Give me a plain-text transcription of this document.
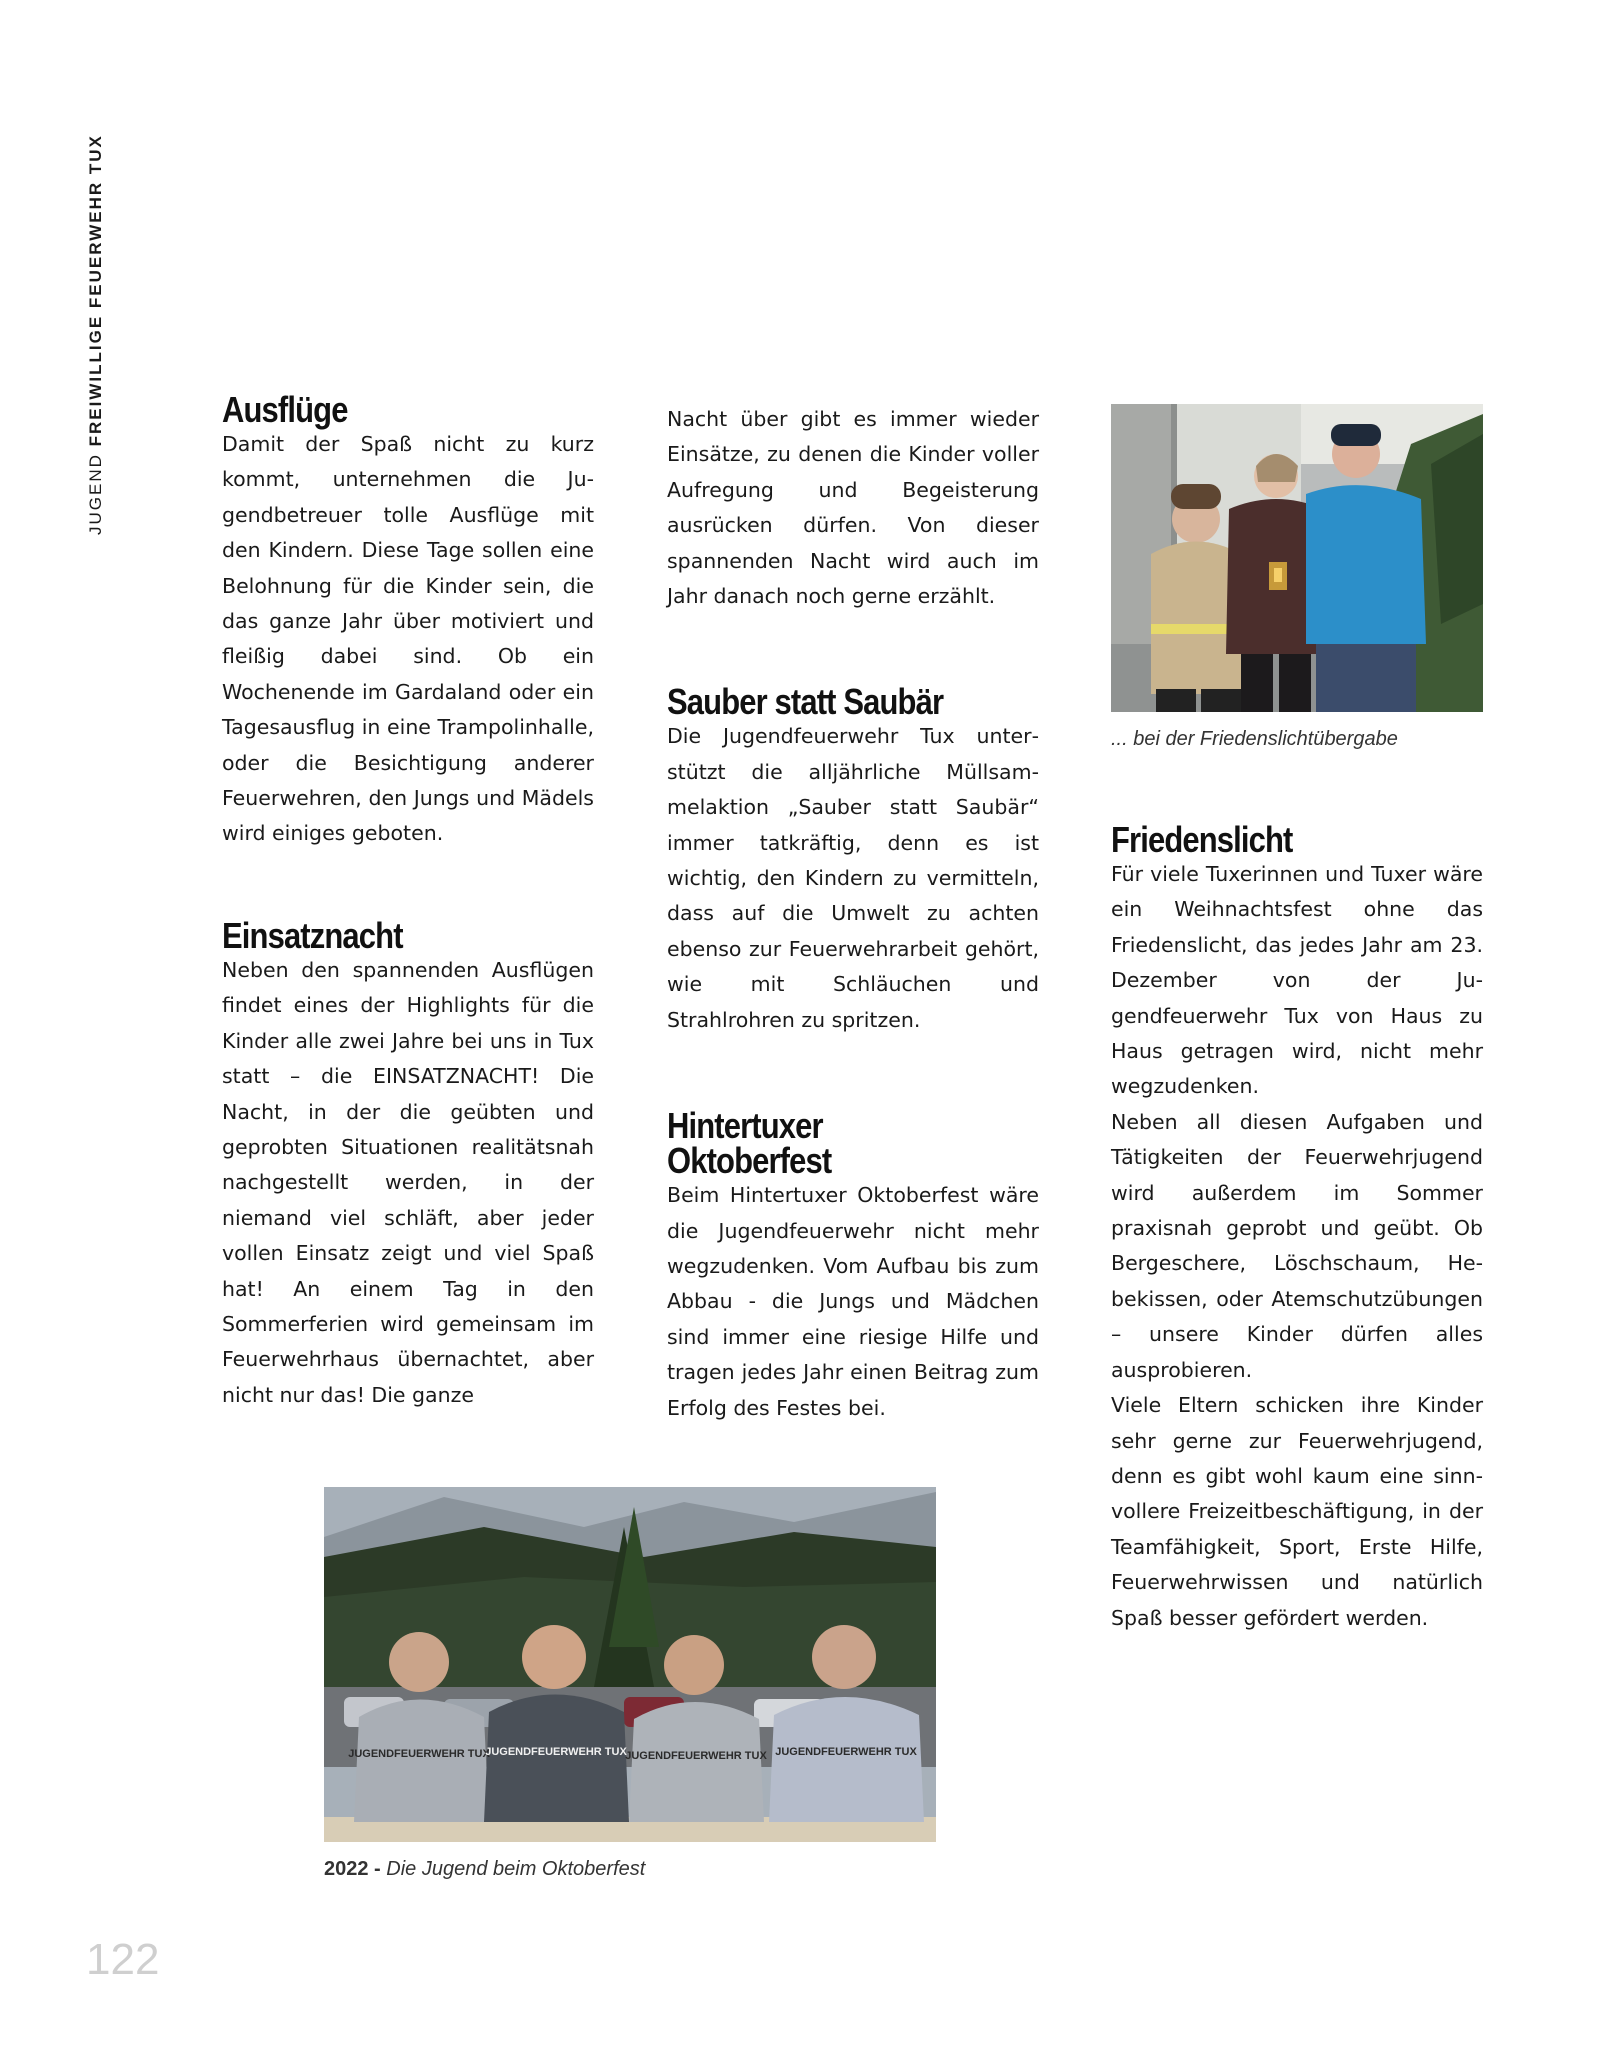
JUGEND FREIWILLIGE FEUERWEHR TUX	Ausflüge

Damit der Spaß nicht zu kurz kommt, unternehmen die Jugendbetreuer tolle Ausflüge mit den Kindern. Diese Tage sollen eine Belohnung für die Kinder sein, die das ganze Jahr über motiviert und fleißig dabei sind. Ob ein Wochenende im Gardaland oder ein Tagesausflug in eine Trampolinhalle, oder die Besichtigung anderer Feuerwehren, den Jungs und Mädels wird einiges geboten.

Einsatznacht

Neben den spannenden Ausflügen findet eines der Highlights für die Kinder alle zwei Jahre bei uns in Tux statt – die EINSATZNACHT! Die Nacht, in der die geübten und geprobten Situationen realitätsnah nachgestellt werden, in der niemand viel schläft, aber jeder vollen Einsatz zeigt und viel Spaß hat! An einem Tag in den Sommerferien wird gemeinsam im Feuerwehrhaus übernachtet, aber nicht nur das! Die ganze

Nacht über gibt es immer wieder Einsätze, zu denen die Kinder voller Aufregung und Begeisterung ausrücken dürfen. Von dieser spannenden Nacht wird auch im Jahr danach noch gerne erzählt.

Sauber statt Saubär

Die Jugendfeuerwehr Tux unterstützt die alljährliche Müllsammelaktion „Sauber statt Saubär“ immer tatkräftig, denn es ist wichtig, den Kindern zu vermitteln, dass auf die Umwelt zu achten ebenso zur Feuerwehrarbeit gehört, wie mit Schläuchen und Strahlrohren zu spritzen.

Hintertuxer
Oktoberfest

Beim Hintertuxer Oktoberfest wäre die Jugendfeuerwehr nicht mehr wegzudenken. Vom Aufbau bis zum Abbau - die Jungs und Mädchen sind immer eine riesige Hilfe und tragen jedes Jahr einen Beitrag zum Erfolg des Festes bei.

Friedenslicht

Für viele Tuxerinnen und Tuxer wäre ein Weihnachtsfest ohne das Friedenslicht, das jedes Jahr am 23. Dezember von der Jugendfeuerwehr Tux von Haus zu Haus getragen wird, nicht mehr wegzudenken.

Neben all diesen Aufgaben und Tätigkeiten der Feuerwehrjugend wird außerdem im Sommer praxisnah geprobt und geübt. Ob Bergeschere, Löschschaum, Hebekissen, oder Atemschutzübungen – unsere Kinder dürfen alles ausprobieren.

Viele Eltern schicken ihre Kinder sehr gerne zur Feuerwehrjugend, denn es gibt wohl kaum eine sinnvollere Freizeitbeschäftigung, in der Teamfähigkeit, Sport, Erste Hilfe, Feuerwehrwissen und natürlich Spaß besser gefördert werden.

... bei der Friedenslichtübergabe
JUGENDFEUERWEHR TUX
JUGENDFEUERWEHR TUX
JUGENDFEUERWEHR TUX JUGENDFEUERWEHR TUX
2022 - Die Jugend beim Oktoberfest
122
